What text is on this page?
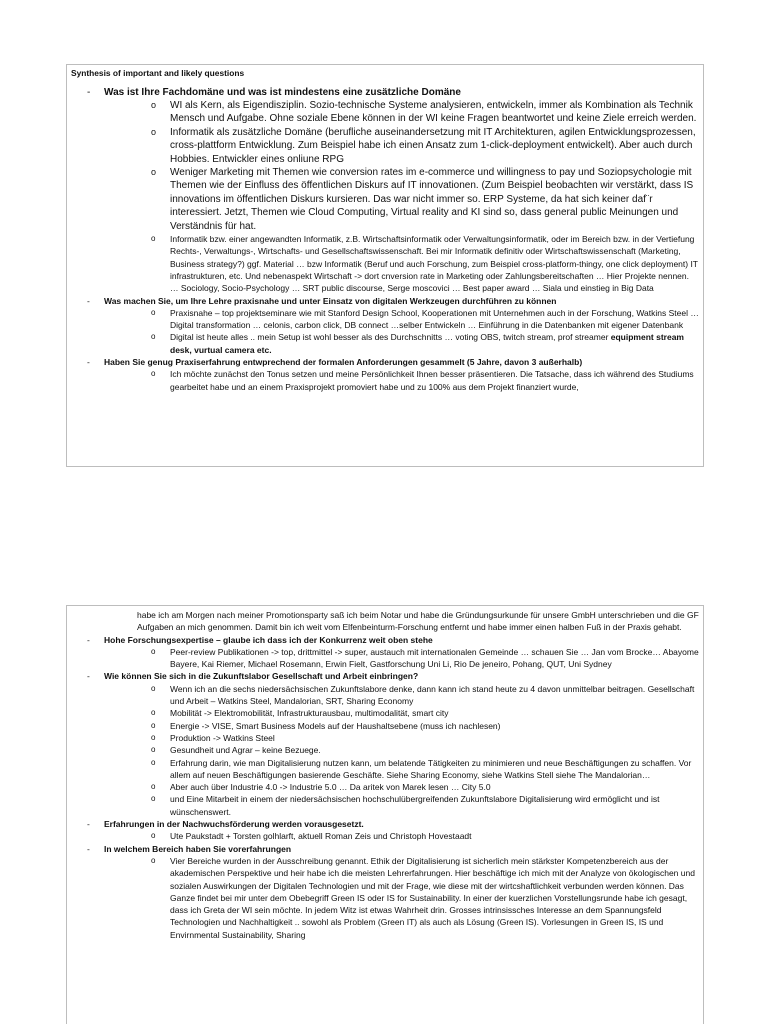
Synthesis of important and likely questions
- Was ist Ihre Fachdomäne und was ist mindestens eine zusätzliche Domäne
o WI als Kern, als Eigendisziplin. Sozio-technische Systeme analysieren, entwickeln, immer als Kombination als Technik Mensch und Aufgabe. Ohne soziale Ebene können in der WI keine Fragen beantwortet und keine Ziele erreich werden.
o Informatik als zusätzliche Domäne (berufliche auseinandersetzung mit IT Architekturen, agilen Entwicklungsprozessen, cross-plattform Entwicklung. Zum Beispiel habe ich einen Ansatz zum 1-click-deployment entwickelt). Aber auch durch Hobbies. Entwickler eines onliune RPG
o Weniger Marketing mit Themen wie conversion rates im e-commerce und willingness to pay und Soziopsychologie mit Themen wie der Einfluss des öffentlichen Diskurs auf IT innovationen. (Zum Beispiel beobachten wir verstärkt, dass IS innovations im öffentlichen Diskurs kursieren. Das war nicht immer so. ERP Systeme, da hat sich keiner daf¨r interessiert. Jetzt, Themen wie Cloud Computing, Virtual reality and KI sind so, dass general public Meinungen und Verständnis für hat.
o Informatik bzw. einer angewandten Informatik, z.B. Wirtschaftsinformatik oder Verwaltungsinformatik, oder im Bereich bzw. in der Vertiefung Rechts-, Verwaltungs-, Wirtschafts- und Gesellschaftswissenschaft. Bei mir Informatik definitiv oder Wirtschaftswissenschaft (Marketing, Business strategy?) ggf. Material … bzw Informatik (Beruf und auch Forschung, zum Beispiel cross-platform-thingy, one click deployment) IT infrastrukturen, etc. Und nebenaspekt Wirtschaft -> dort cnversion rate in Marketing oder Zahlungsbereitschaften … Hier Projekte nennen. … Sociology, Socio-Psychology … SRT public discourse, Serge moscovici … Best paper award … Siala und einstieg in Big Data
- Was machen Sie, um Ihre Lehre praxisnahe und unter Einsatz von digitalen Werkzeugen durchführen zu können
o Praxisnahe – top projektseminare wie mit Stanford Design School, Kooperationen mit Unternehmen auch in der Forschung, Watkins Steel … Digital transformation … celonis, carbon click, DB connect …selber Entwickeln … Einführung in die Datenbanken mit eigener Datenbank
o Digital ist heute alles .. mein Setup ist wohl besser als des Durchschnitts … voting OBS, twitch stream, prof streamer equipment stream desk, vurtual camera etc.
- Haben Sie genug Praxiserfahrung entwprechend der formalen Anforderungen gesammelt (5 Jahre, davon 3 außerhalb)
o Ich möchte zunächst den Tonus setzen und meine Persönlichkeit Ihnen besser präsentieren. Die Tatsache, dass ich während des Studiums gearbeitet habe und an einem Praxisprojekt promoviert habe und zu 100% aus dem Projekt finanziert wurde,
habe ich am Morgen nach meiner Promotionsparty saß ich beim Notar und habe die Gründungsurkunde für unsere GmbH unterschrieben und die GF Aufgaben an mich genommen. Damit bin ich weit vom Elfenbeinturm-Forschung entfernt und habe immer einen halben Fuß in der Praxis gehabt.
- Hohe Forschungsexpertise – glaube ich dass ich der Konkurrenz weit oben stehe
o Peer-review Publikationen -> top, drittmittel -> super, austauch mit internationalen Gemeinde … schauen Sie … Jan vom Brocke… Abayome Bayere, Kai Riemer, Michael Rosemann, Erwin Fielt, Gastforschung Uni Li, Rio De jeneiro, Pohang, QUT, Uni Sydney
- Wie können Sie sich in die Zukunftslabor Gesellschaft und Arbeit einbringen?
o Wenn ich an die sechs niedersächsischen Zukunftslabore denke, dann kann ich stand heute zu 4 davon unmittelbar beitragen. Gesellschaft und Arbeit – Watkins Steel, Mandalorian, SRT, Sharing Economy
o Mobilität -> Elektromobilität, Infrastrukturausbau, multimodalität, smart city
o Energie -> VISE, Smart Business Models auf der Haushaltsebene (muss ich nachlesen)
o Produktion -> Watkins Steel
o Gesundheit und Agrar – keine Bezuege.
o Erfahrung darin, wie man Digitalisierung nutzen kann, um belatende Tätigkeiten zu minimieren und neue Beschäftigungen zu schaffen. Vor allem auf neuen Beschäftigungen basierende Geschäfte. Siehe Sharing Economy, siehe Watkins Stell siehe The Mandalorian…
o Aber auch über Industrie 4.0 -> Industrie 5.0 … Da aritek von Marek lesen … City 5.0
o und Eine Mitarbeit in einem der niedersächsischen hochschulübergreifenden Zukunftslabore Digitalisierung wird ermöglicht und ist wünschenswert.
- Erfahrungen in der Nachwuchsförderung werden vorausgesetzt.
o Ute Paukstadt + Torsten golhlarft, aktuell Roman Zeis und Christoph Hovestaadt
- In welchem Bereich haben Sie vorerfahrungen
o Vier Bereiche wurden in der Ausschreibung genannt. Ethik der Digitalisierung ist sicherlich mein stärkster Kompetenzbereich aus der akademischen Perspektive und heir habe ich die meisten Lehrerfahrungen. Hier beschäftige ich mich mit der Analyze von ökologischen und sozialen Auswirkungen der Digitalen Technologien und mit der Frage, wie diese mit der wirtcshaftlichkeit verbunden werden können. Das Ganze findet bei mir unter dem Obebegriff Green IS oder IS for Sustainability. In einer der kuerzlichen Vorstellungsrunde habe ich gesagt, dass ich Greta der WI sein möchte. In jedem Witz ist etwas Wahrheit drin. Grosses intrinsissches Interesse an dem Spannungsfeld Technologien und Nachhaltigkeit .. sowohl als Problem (Green IT) als auch als Lösung (Green IS). Vorlesungen in Green IS, IS und Envirnmental Sustainability, Sharing
